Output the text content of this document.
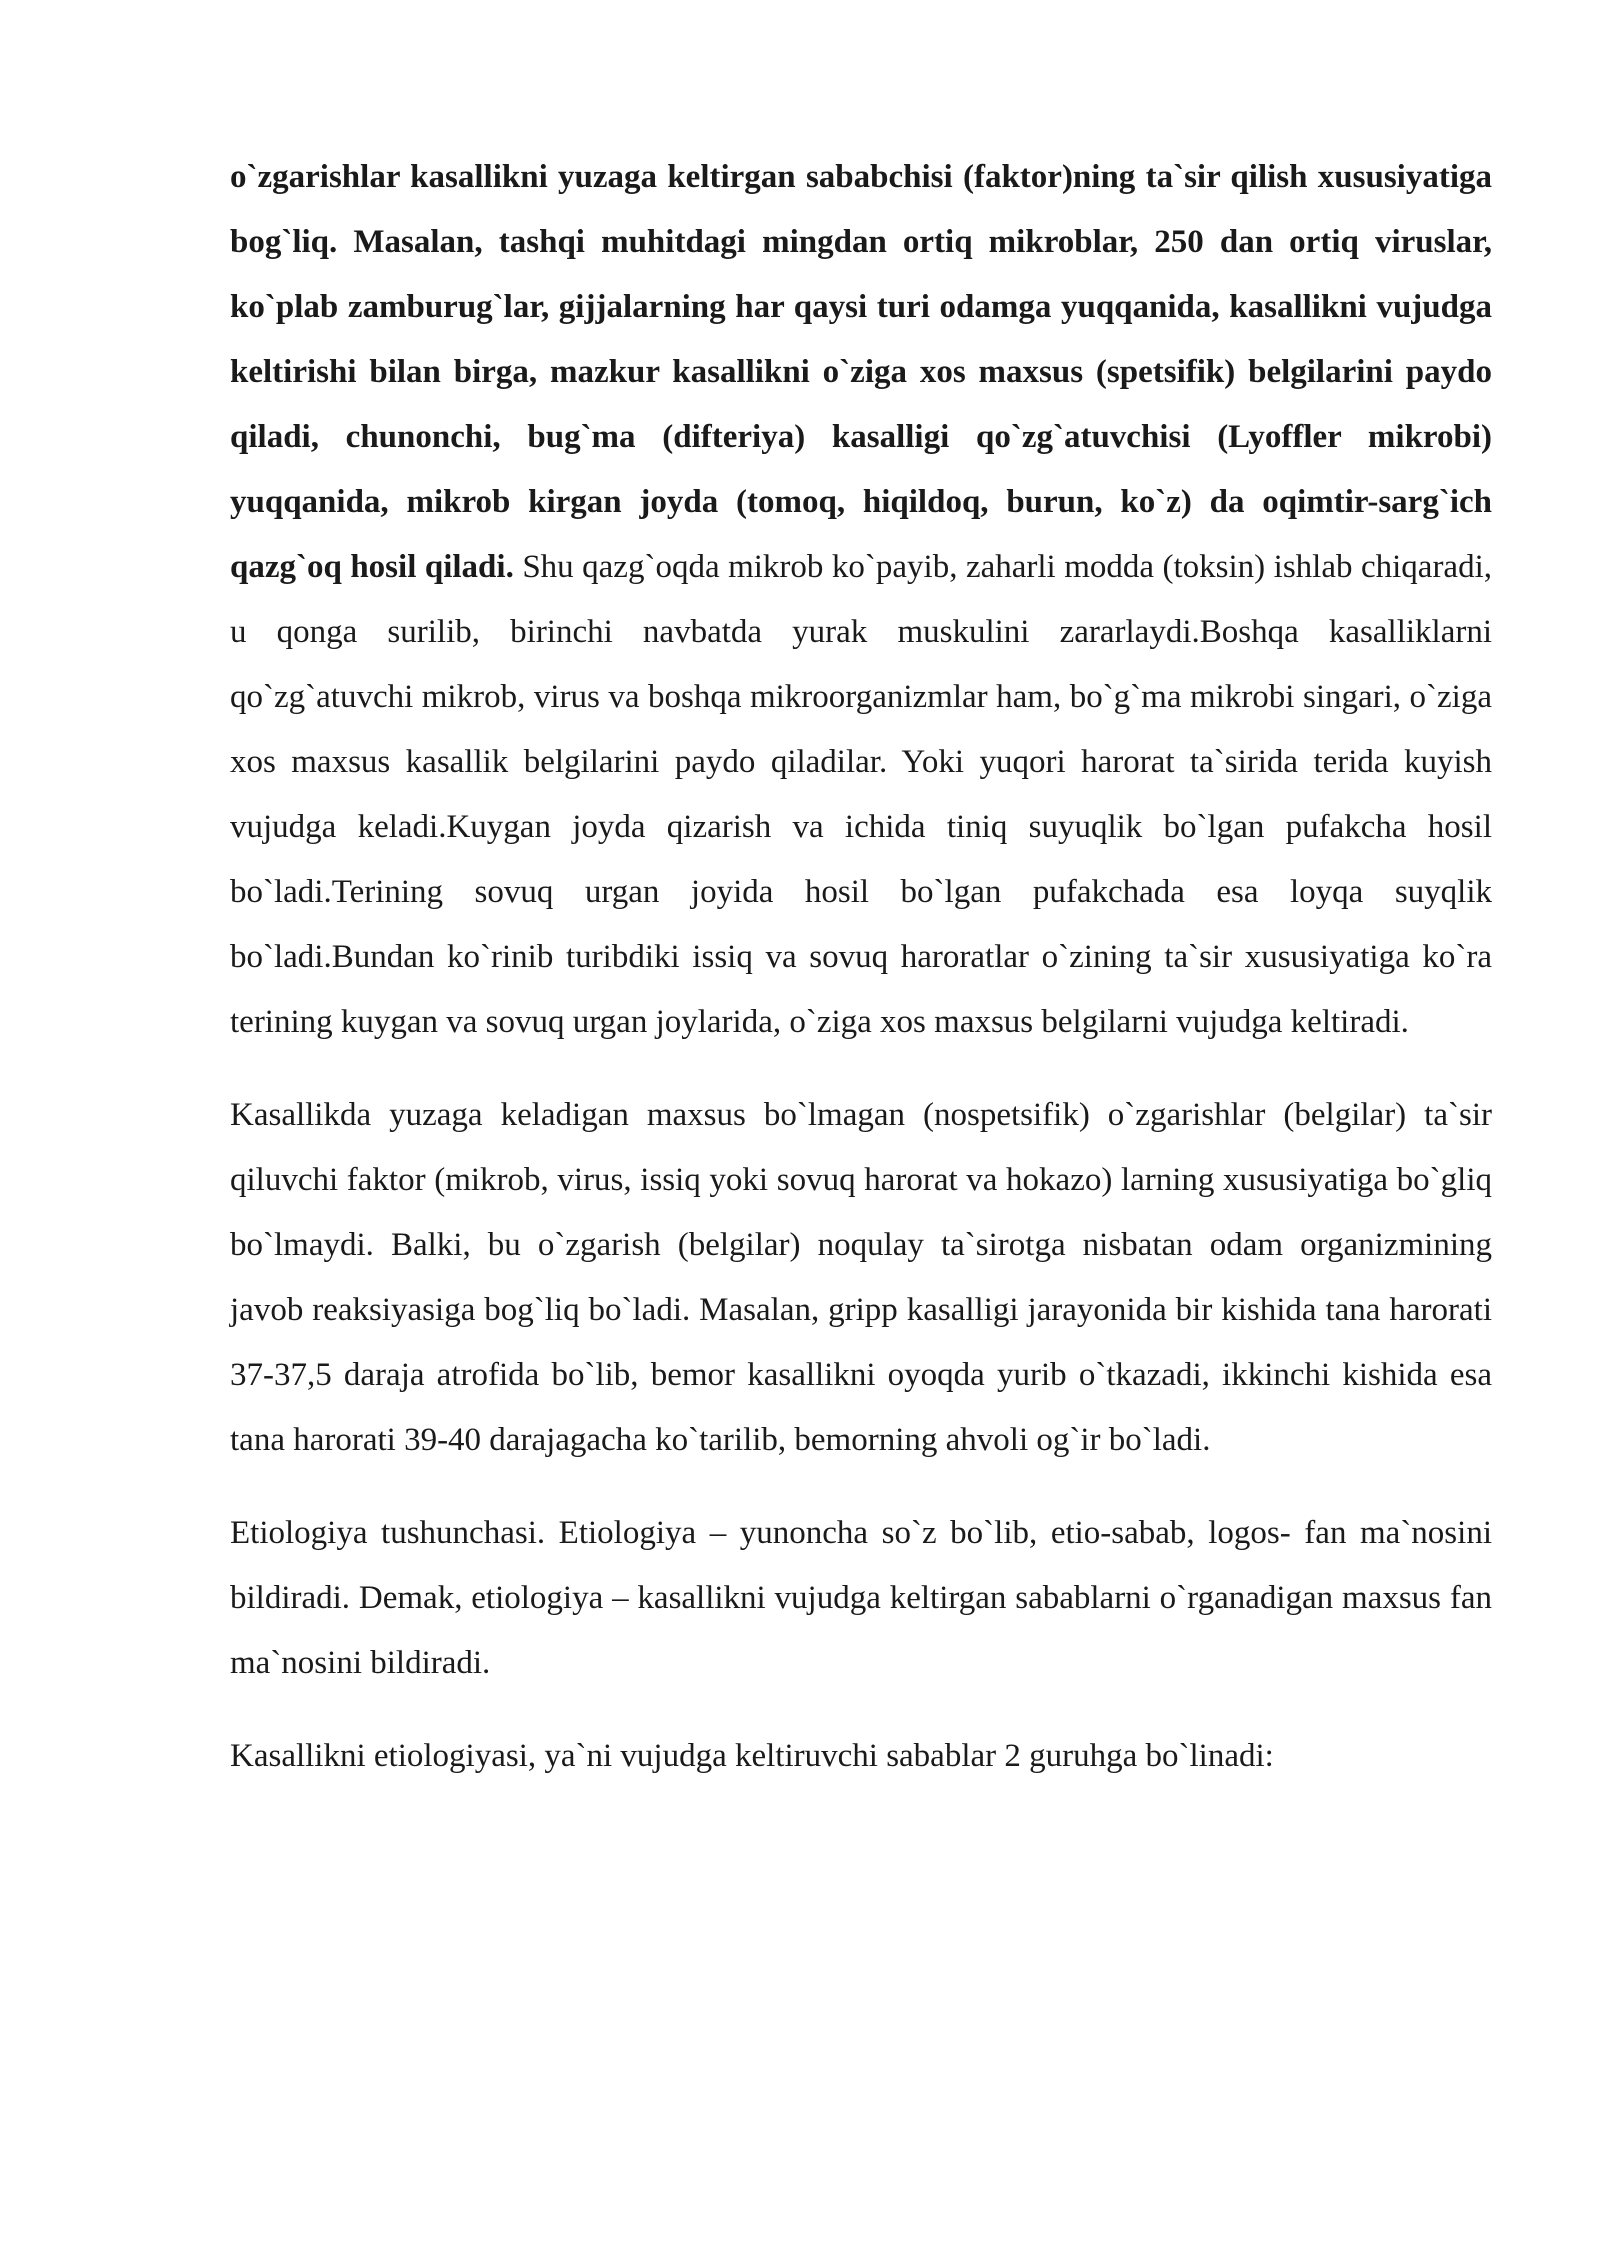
o`zgarishlar kasallikni yuzaga keltirgan sababchisi (faktor)ning ta`sir qilish xususiyatiga bog`liq. Masalan, tashqi muhitdagi mingdan ortiq mikroblar, 250 dan ortiq viruslar, ko`plab zamburug`lar, gijjalarning har qaysi turi odamga yuqqanida, kasallikni vujudga keltirishi bilan birga, mazkur kasallikni o`ziga xos maxsus (spetsifik) belgilarini paydo qiladi, chunonchi, bug`ma (difteriya) kasalligi qo`zg`atuvchisi (Lyoffler mikrobi) yuqqanida, mikrob kirgan joyda (tomoq, hiqildoq, burun, ko`z) da oqimtir-sarg`ich qazg`oq hosil qiladi. Shu qazg`oqda mikrob ko`payib, zaharli modda (toksin) ishlab chiqaradi, u qonga surilib, birinchi navbatda yurak muskulini zararlaydi.Boshqa kasalliklarni qo`zg`atuvchi mikrob, virus va boshqa mikroorganizmlar ham, bo`g`ma mikrobi singari, o`ziga xos maxsus kasallik belgilarini paydo qiladilar. Yoki yuqori harorat ta`sirida terida kuyish vujudga keladi.Kuygan joyda qizarish va ichida tiniq suyuqlik bo`lgan pufakcha hosil bo`ladi.Terining sovuq urgan joyida hosil bo`lgan pufakchada esa loyqa suyqlik bo`ladi.Bundan ko`rinib turibdiki issiq va sovuq haroratlar o`zining ta`sir xususiyatiga ko`ra terining kuygan va sovuq urgan joylarida, o`ziga xos maxsus belgilarni vujudga keltiradi.

Kasallikda yuzaga keladigan maxsus bo`lmagan (nospetsifik) o`zgarishlar (belgilar) ta`sir qiluvchi faktor (mikrob, virus, issiq yoki sovuq harorat va hokazo) larning xususiyatiga bo`gliq bo`lmaydi. Balki, bu o`zgarish (belgilar) noqulay ta`sirotga nisbatan odam organizmining javob reaksiyasiga bog`liq bo`ladi. Masalan, gripp kasalligi jarayonida bir kishida tana harorati 37-37,5 daraja atrofida bo`lib, bemor kasallikni oyoqda yurib o`tkazadi, ikkinchi kishida esa tana harorati 39-40 darajagacha ko`tarilib, bemorning ahvoli og`ir bo`ladi.

Etiologiya tushunchasi. Etiologiya – yunoncha so`z bo`lib, etio-sabab, logos- fan ma`nosini bildiradi. Demak, etiologiya – kasallikni vujudga keltirgan sabablarni o`rganadigan maxsus fan ma`nosini bildiradi.

Kasallikni etiologiyasi, ya`ni vujudga keltiruvchi sabablar 2 guruhga bo`linadi:
